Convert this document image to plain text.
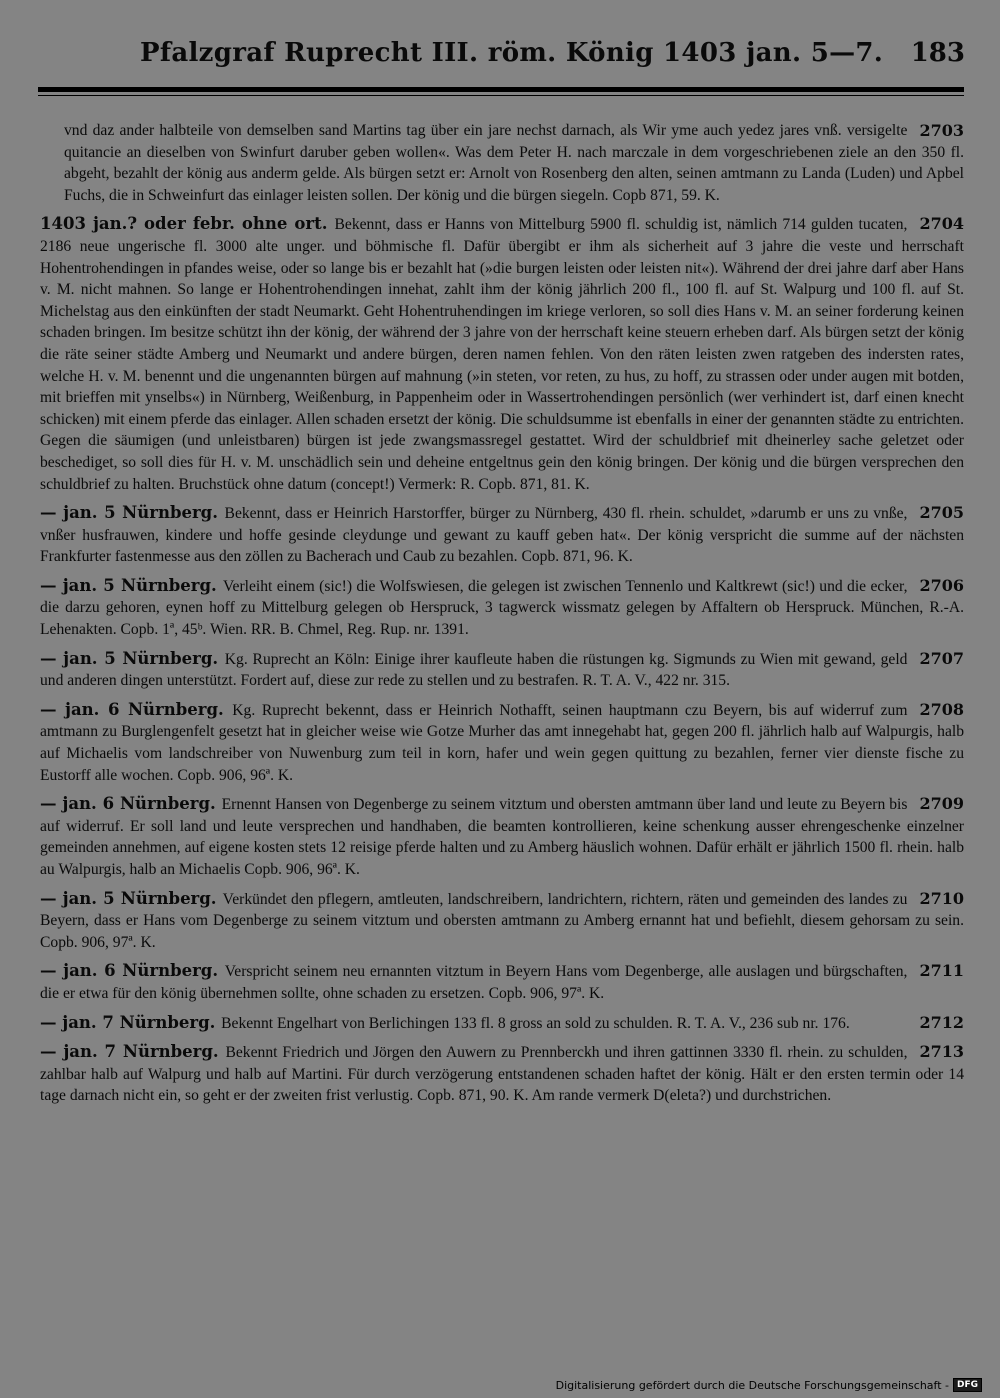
Pfalzgraf Ruprecht III. röm. König 1403 jan. 5—7. 183
2703
vnd daz ander halbteile von demselben sand Martins tag über ein jare nechst darnach, als Wir yme auch yedez jares vnß. versigelte quitancie an dieselben von Swinfurt daruber geben wollen«. Was dem Peter H. nach marczale in dem vorgeschriebenen ziele an den 350 fl. abgeht, bezahlt der könig aus anderm gelde. Als bürgen setzt er: Arnolt von Rosenberg den alten, seinen amtmann zu Landa (Luden) und Apbel Fuchs, die in Schweinfurt das einlager leisten sollen. Der könig und die bürgen siegeln. Copb 871, 59. K.
2704
1403 jan.? oder febr. ohne ort. Bekennt, dass er Hanns von Mittelburg 5900 fl. schuldig ist, nämlich 714 gulden tucaten, 2186 neue ungerische fl. 3000 alte unger. und böhmische fl. Dafür übergibt er ihm als sicherheit auf 3 jahre die veste und herrschaft Hohentrohendingen in pfandes weise, oder so lange bis er bezahlt hat (»die burgen leisten oder leisten nit«). Während der drei jahre darf aber Hans v. M. nicht mahnen. So lange er Hohentrohendingen innehat, zahlt ihm der könig jährlich 200 fl., 100 fl. auf St. Walpurg und 100 fl. auf St. Michelstag aus den einkünften der stadt Neumarkt. Geht Hohentruhendingen im kriege verloren, so soll dies Hans v. M. an seiner forderung keinen schaden bringen. Im besitze schützt ihn der könig, der während der 3 jahre von der herrschaft keine steuern erheben darf. Als bürgen setzt der könig die räte seiner städte Amberg und Neumarkt und andere bürgen, deren namen fehlen. Von den räten leisten zwen ratgeben des indersten rates, welche H. v. M. benennt und die ungenannten bürgen auf mahnung (»in steten, vor reten, zu hus, zu hoff, zu strassen oder under augen mit botden, mit brieffen mit ynselbs«) in Nürnberg, Weißenburg, in Pappenheim oder in Wassertrohendingen persönlich (wer verhindert ist, darf einen knecht schicken) mit einem pferde das einlager. Allen schaden ersetzt der könig. Die schuldsumme ist ebenfalls in einer der genannten städte zu entrichten. Gegen die säumigen (und unleistbaren) bürgen ist jede zwangsmassregel gestattet. Wird der schuldbrief mit dheinerley sache geletzet oder beschediget, so soll dies für H. v. M. unschädlich sein und deheine entgeltnus gein den könig bringen. Der könig und die bürgen versprechen den schuldbrief zu halten. Bruchstück ohne datum (concept!) Vermerk: R. Copb. 871, 81. K.
2705
— jan. 5 Nürnberg. Bekennt, dass er Heinrich Harstorffer, bürger zu Nürnberg, 430 fl. rhein. schuldet, »darumb er uns zu vnße, vnßer husfrauwen, kindere und hoffe gesinde cleydunge und gewant zu kauff geben hat«. Der könig verspricht die summe auf der nächsten Frankfurter fastenmesse aus den zöllen zu Bacherach und Caub zu bezahlen. Copb. 871, 96. K.
2706
— jan. 5 Nürnberg. Verleiht einem (sic!) die Wolfswiesen, die gelegen ist zwischen Tennenlo und Kaltkrewt (sic!) und die ecker, die darzu gehoren, eynen hoff zu Mittelburg gelegen ob Herspruck, 3 tagwerck wissmatz gelegen by Affaltern ob Herspruck. München, R.-A. Lehenakten. Copb. 1ª, 45ᵇ. Wien. RR. B. Chmel, Reg. Rup. nr. 1391.
2707
— jan. 5 Nürnberg. Kg. Ruprecht an Köln: Einige ihrer kaufleute haben die rüstungen kg. Sigmunds zu Wien mit gewand, geld und anderen dingen unterstützt. Fordert auf, diese zur rede zu stellen und zu bestrafen. R. T. A. V., 422 nr. 315.
2708
— jan. 6 Nürnberg. Kg. Ruprecht bekennt, dass er Heinrich Nothafft, seinen hauptmann czu Beyern, bis auf widerruf zum amtmann zu Burglengenfelt gesetzt hat in gleicher weise wie Gotze Murher das amt innegehabt hat, gegen 200 fl. jährlich halb auf Walpurgis, halb auf Michaelis vom landschreiber von Nuwenburg zum teil in korn, hafer und wein gegen quittung zu bezahlen, ferner vier dienste fische zu Eustorff alle wochen. Copb. 906, 96ª. K.
2709
— jan. 6 Nürnberg. Ernennt Hansen von Degenberge zu seinem vitztum und obersten amtmann über land und leute zu Beyern bis auf widerruf. Er soll land und leute versprechen und handhaben, die beamten kontrollieren, keine schenkung ausser ehrengeschenke einzelner gemeinden annehmen, auf eigene kosten stets 12 reisige pferde halten und zu Amberg häuslich wohnen. Dafür erhält er jährlich 1500 fl. rhein. halb au Walpurgis, halb an Michaelis Copb. 906, 96ª. K.
2710
— jan. 5 Nürnberg. Verkündet den pflegern, amtleuten, landschreibern, landrichtern, richtern, räten und gemeinden des landes zu Beyern, dass er Hans vom Degenberge zu seinem vitztum und obersten amtmann zu Amberg ernannt hat und befiehlt, diesem gehorsam zu sein. Copb. 906, 97ª. K.
2711
— jan. 6 Nürnberg. Verspricht seinem neu ernannten vitztum in Beyern Hans vom Degenberge, alle auslagen und bürgschaften, die er etwa für den könig übernehmen sollte, ohne schaden zu ersetzen. Copb. 906, 97ª. K.
2712
— jan. 7 Nürnberg. Bekennt Engelhart von Berlichingen 133 fl. 8 gross an sold zu schulden. R. T. A. V., 236 sub nr. 176.
2713
— jan. 7 Nürnberg. Bekennt Friedrich und Jörgen den Auwern zu Prennberckh und ihren gattinnen 3330 fl. rhein. zu schulden, zahlbar halb auf Walpurg und halb auf Martini. Für durch verzögerung entstandenen schaden haftet der könig. Hält er den ersten termin oder 14 tage darnach nicht ein, so geht er der zweiten frist verlustig. Copb. 871, 90. K. Am rande vermerk D(eleta?) und durchstrichen.
Digitalisierung gefördert durch die Deutsche Forschungsgemeinschaft - DFG
